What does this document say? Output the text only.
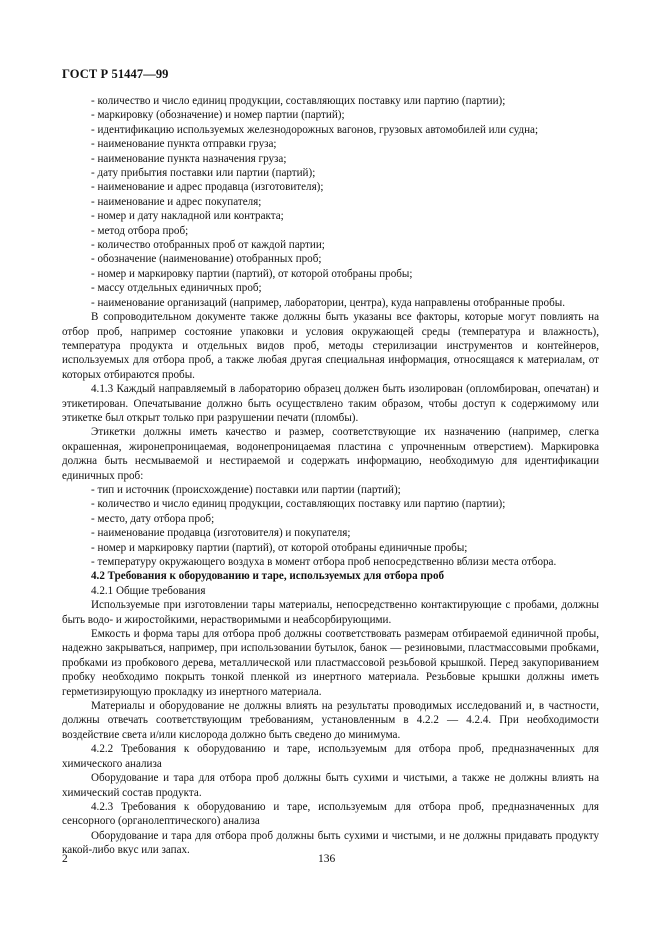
ГОСТ Р 51447—99

- количество и число единиц продукции, составляющих поставку или партию (партии);

- маркировку (обозначение) и номер партии (партий);

- идентификацию используемых железнодорожных вагонов, грузовых автомобилей или судна;

- наименование пункта отправки груза;

- наименование пункта назначения груза;

- дату прибытия поставки или партии (партий);

- наименование и адрес продавца (изготовителя);

- наименование и адрес покупателя;

- номер и дату накладной или контракта;

- метод отбора проб;

- количество отобранных проб от каждой партии;

- обозначение (наименование) отобранных проб;

- номер и маркировку партии (партий), от которой отобраны пробы;

- массу отдельных единичных проб;

- наименование организаций (например, лаборатории, центра), куда направлены отобранные пробы.

В сопроводительном документе также должны быть указаны все факторы, которые могут повлиять на отбор проб, например состояние упаковки и условия окружающей среды (температура и влажность), температура продукта и отдельных видов проб, методы стерилизации инструментов и контейнеров, используемых для отбора проб, а также любая другая специальная информация, относящаяся к материалам, от которых отбираются пробы.

4.1.3 Каждый направляемый в лабораторию образец должен быть изолирован (опломбирован, опечатан) и этикетирован. Опечатывание должно быть осуществлено таким образом, чтобы доступ к содержимому или этикетке был открыт только при разрушении печати (пломбы).

Этикетки должны иметь качество и размер, соответствующие их назначению (например, слегка окрашенная, жиронепроницаемая, водонепроницаемая пластина с упрочненным отверстием). Маркировка должна быть несмываемой и нестираемой и содержать информацию, необходимую для идентификации единичных проб:

- тип и источник (происхождение) поставки или партии (партий);

- количество и число единиц продукции, составляющих поставку или партию (партии);

- место, дату отбора проб;

- наименование продавца (изготовителя) и покупателя;

- номер и маркировку партии (партий), от которой отобраны единичные пробы;

- температуру окружающего воздуха в момент отбора проб непосредственно вблизи места отбора.

4.2 Требования к оборудованию и таре, используемых для отбора проб

4.2.1 Общие требования

Используемые при изготовлении тары материалы, непосредственно контактирующие с пробами, должны быть водо- и жиростойкими, нерастворимыми и неабсорбирующими.

Емкость и форма тары для отбора проб должны соответствовать размерам отбираемой единичной пробы, надежно закрываться, например, при использовании бутылок, банок — резиновыми, пластмассовыми пробками, пробками из пробкового дерева, металлической или пластмассовой резьбовой крышкой. Перед закупориванием пробку необходимо покрыть тонкой пленкой из инертного материала. Резьбовые крышки должны иметь герметизирующую прокладку из инертного материала.

Материалы и оборудование не должны влиять на результаты проводимых исследований и, в частности, должны отвечать соответствующим требованиям, установленным в 4.2.2 — 4.2.4. При необходимости воздействие света и/или кислорода должно быть сведено до минимума.

4.2.2 Требования к оборудованию и таре, используемым для отбора проб, предназначенных для химического анализа

Оборудование и тара для отбора проб должны быть сухими и чистыми, а также не должны влиять на химический состав продукта.

4.2.3 Требования к оборудованию и таре, используемым для отбора проб, предназначенных для сенсорного (органолептического) анализа

Оборудование и тара для отбора проб должны быть сухими и чистыми, и не должны придавать продукту какой-либо вкус или запах.

2	136
